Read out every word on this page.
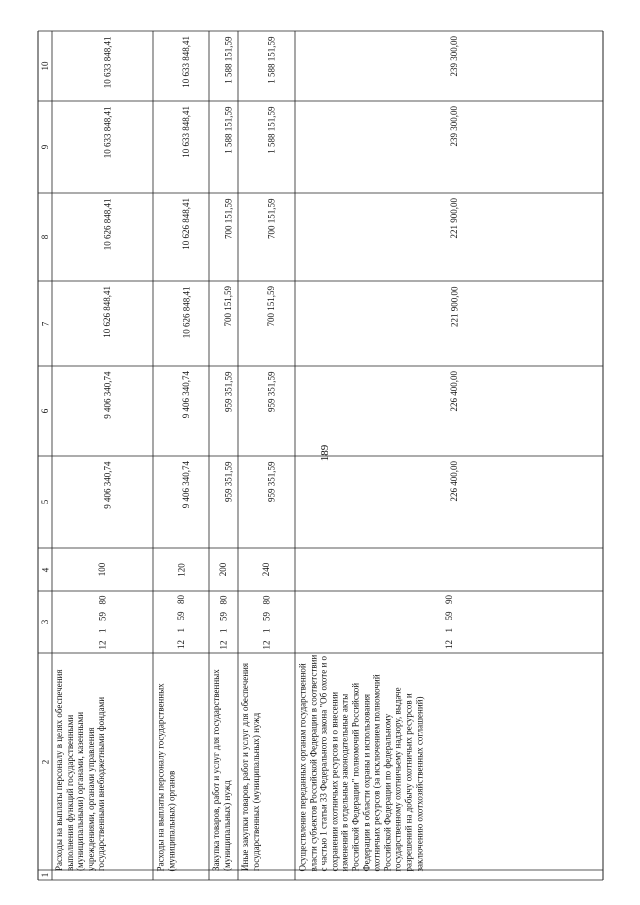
189
1
2
3
4
5
6
7
8
9
10
Расходы на выплаты персоналу в целях обеспечения выполнения функций государственными (муниципальными) органами, казенными учреждениями, органами управления государственными внебюджетными фондами
12
1
59
80
100
9 406 340,74
9 406 340,74
10 626 848,41
10 626 848,41
10 633 848,41
10 633 848,41
Расходы на выплаты персоналу государственных (муниципальных) органов
12
1
59
80
120
9 406 340,74
9 406 340,74
10 626 848,41
10 626 848,41
10 633 848,41
10 633 848,41
Закупка товаров, работ и услуг для государственных (муниципальных) нужд
12
1
59
80
200
959 351,59
959 351,59
700 151,59
700 151,59
1 588 151,59
1 588 151,59
Иные закупки товаров, работ и услуг для обеспечения государственных (муниципальных) нужд
12
1
59
80
240
959 351,59
959 351,59
700 151,59
700 151,59
1 588 151,59
1 588 151,59
Осуществление переданных органам государственной власти субъектов Российской Федерации в соответствии с частью 1 статьи 33 Федерального закона "Об охоте и о сохранении охотничьих ресурсов и о внесении изменений в отдельные законодательные акты Российской Федерации" полномочий Российской Федерации в области охраны и использования охотничьих ресурсов (за исключением полномочий Российской Федерации по федеральному государственному охотничьему надзору, выдаче разрешений на добычу охотничьих ресурсов и заключению охотхозяйственных соглашений)
12
1
59
90
226 400,00
226 400,00
221 900,00
221 900,00
239 300,00
239 300,00
